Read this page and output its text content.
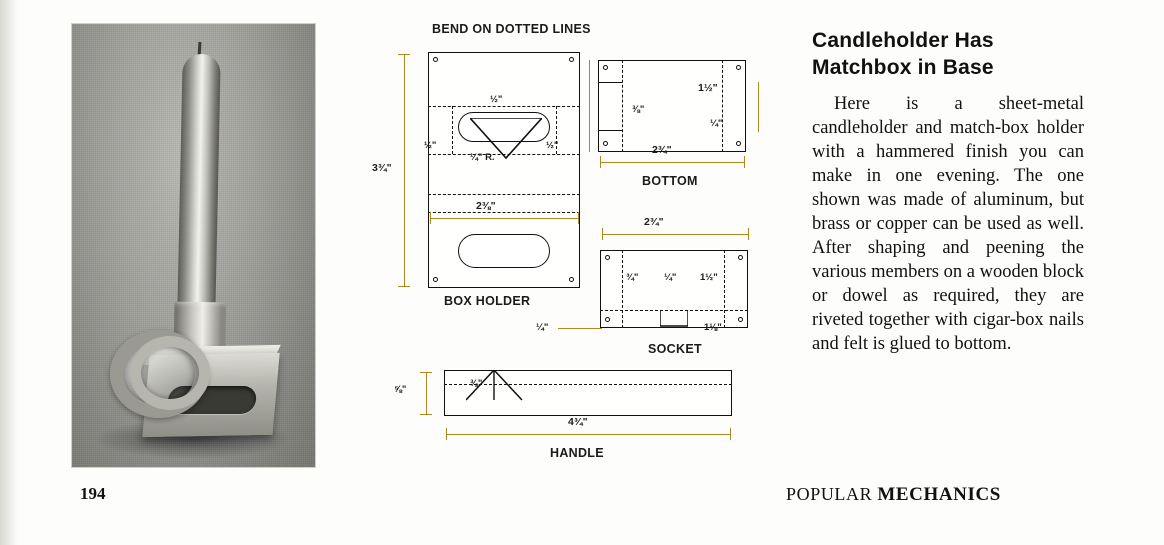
BEND ON DOTTED LINES
3¾"
2⅜"
½"
½"	½"
¼" R.
BOX HOLDER
⅜"
1½"
¼"
2¾"
BOTTOM
2¾"
¾"	¼" 1½"
¼"	1⅛"
SOCKET
⅝"
⅜"
4¾"
HANDLE
Candleholder Has
Matchbox in Base

Here is a sheet-metal candleholder and match-box holder with a hammered finish you can make in one evening. The one shown was made of aluminum, but brass or copper can be used as well. After shaping and peening the various members on a wooden block or dowel as required, they are riveted together with cigar-box nails and felt is glued to bottom.

194	POPULAR MECHANICS
